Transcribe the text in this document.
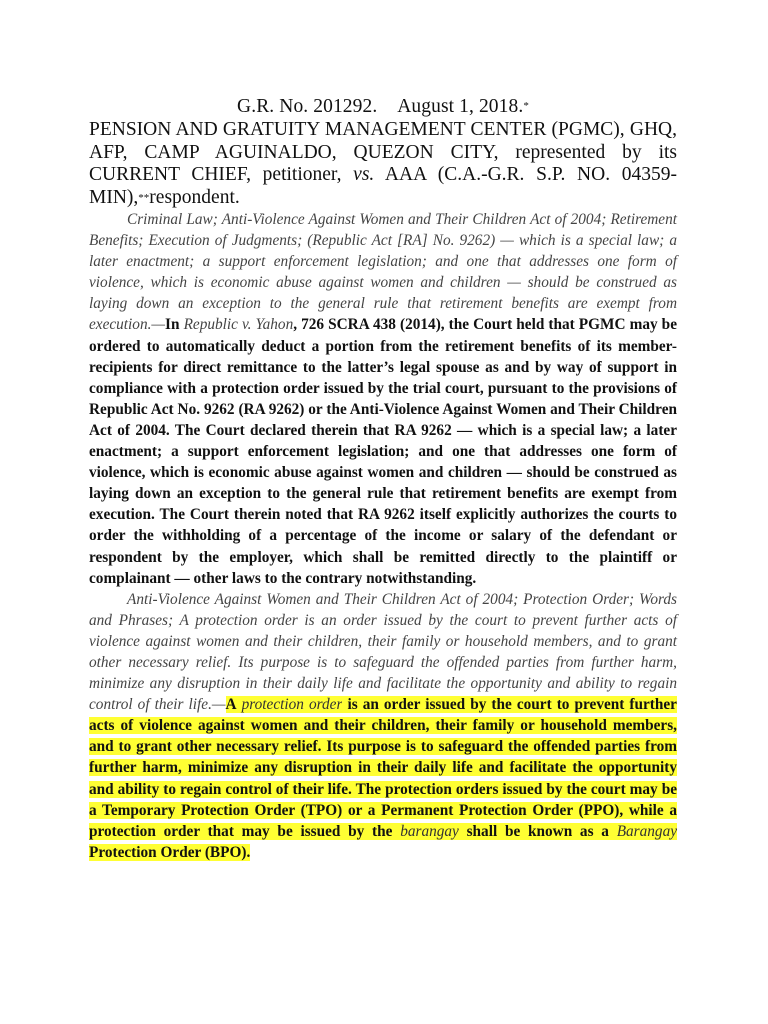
G.R. No. 201292. August 1, 2018.*
PENSION AND GRATUITY MANAGEMENT CENTER (PGMC), GHQ, AFP, CAMP AGUINALDO, QUEZON CITY, represented by its CURRENT CHIEF, petitioner, vs. AAA (C.A.-G.R. S.P. NO. 04359-MIN),**respondent.

Criminal Law; Anti-Violence Against Women and Their Children Act of 2004; Retirement Benefits; Execution of Judgments; (Republic Act [RA] No. 9262) — which is a special law; a later enactment; a support enforcement legislation; and one that addresses one form of violence, which is economic abuse against women and children — should be construed as laying down an exception to the general rule that retirement benefits are exempt from execution.—In Republic v. Yahon, 726 SCRA 438 (2014), the Court held that PGMC may be ordered to automatically deduct a portion from the retirement benefits of its member-recipients for direct remittance to the latter’s legal spouse as and by way of support in compliance with a protection order issued by the trial court, pursuant to the provisions of Republic Act No. 9262 (RA 9262) or the Anti-Violence Against Women and Their Children Act of 2004. The Court declared therein that RA 9262 — which is a special law; a later enactment; a support enforcement legislation; and one that addresses one form of violence, which is economic abuse against women and children — should be construed as laying down an exception to the general rule that retirement benefits are exempt from execution. The Court therein noted that RA 9262 itself explicitly authorizes the courts to order the withholding of a percentage of the income or salary of the defendant or respondent by the employer, which shall be remitted directly to the plaintiff or complainant — other laws to the contrary notwithstanding.

Anti-Violence Against Women and Their Children Act of 2004; Protection Order; Words and Phrases; A protection order is an order issued by the court to prevent further acts of violence against women and their children, their family or household members, and to grant other necessary relief. Its purpose is to safeguard the offended parties from further harm, minimize any disruption in their daily life and facilitate the opportunity and ability to regain control of their life.—A protection order is an order issued by the court to prevent further acts of violence against women and their children, their family or household members, and to grant other necessary relief. Its purpose is to safeguard the offended parties from further harm, minimize any disruption in their daily life and facilitate the opportunity and ability to regain control of their life. The protection orders issued by the court may be a Temporary Protection Order (TPO) or a Permanent Protection Order (PPO), while a protection order that may be issued by the barangay shall be known as a Barangay Protection Order (BPO).
